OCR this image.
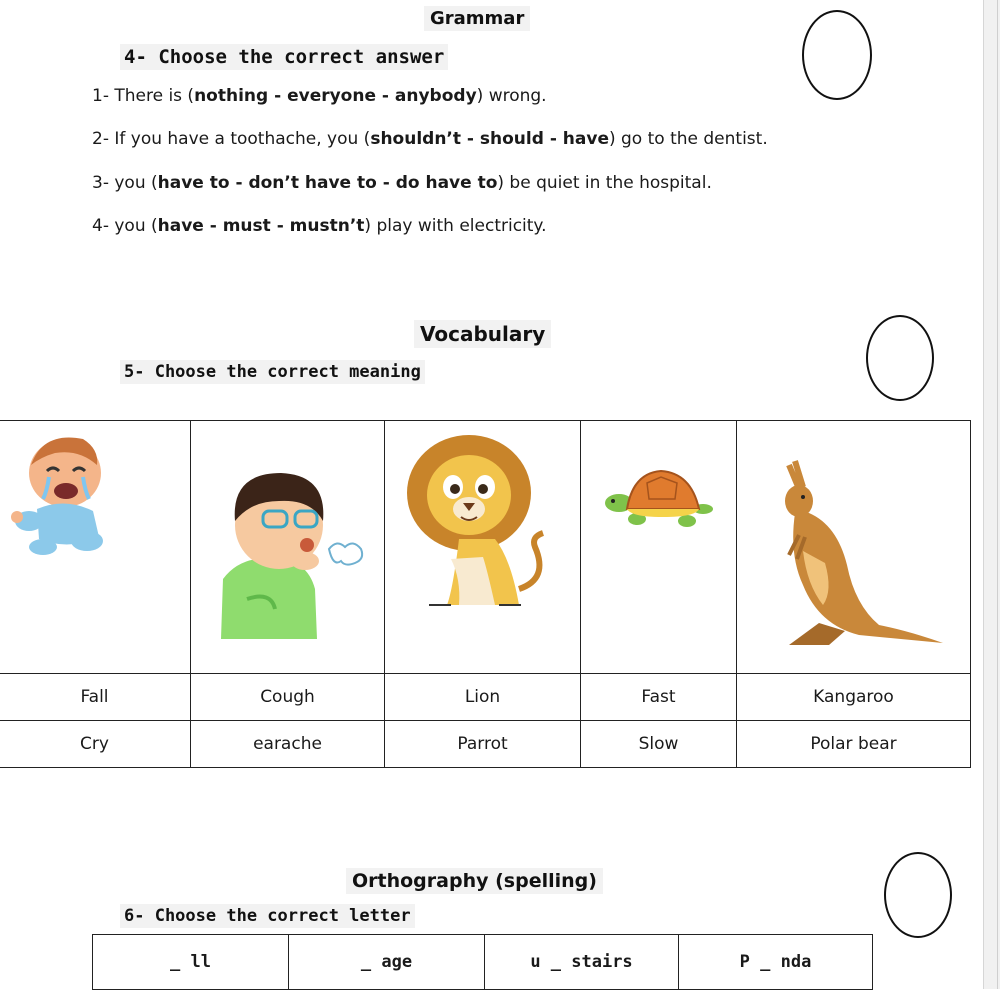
Grammar
4- Choose the correct answer
1- There is (nothing - everyone - anybody) wrong.
2- If you have a toothache, you (shouldn’t - should - have) go to the dentist.
3- you (have to - don’t have to - do have to) be quiet in the hospital.
4- you (have - must - mustn’t) play with electricity.
Vocabulary
5- Choose the correct meaning

Fall	Cough	Lion	Fast	Kangaroo
Cry	earache	Parrot	Slow	Polar bear
Orthography (spelling)
6- Choose the correct letter
_ ll	_ age	u _ stairs	P _ nda
